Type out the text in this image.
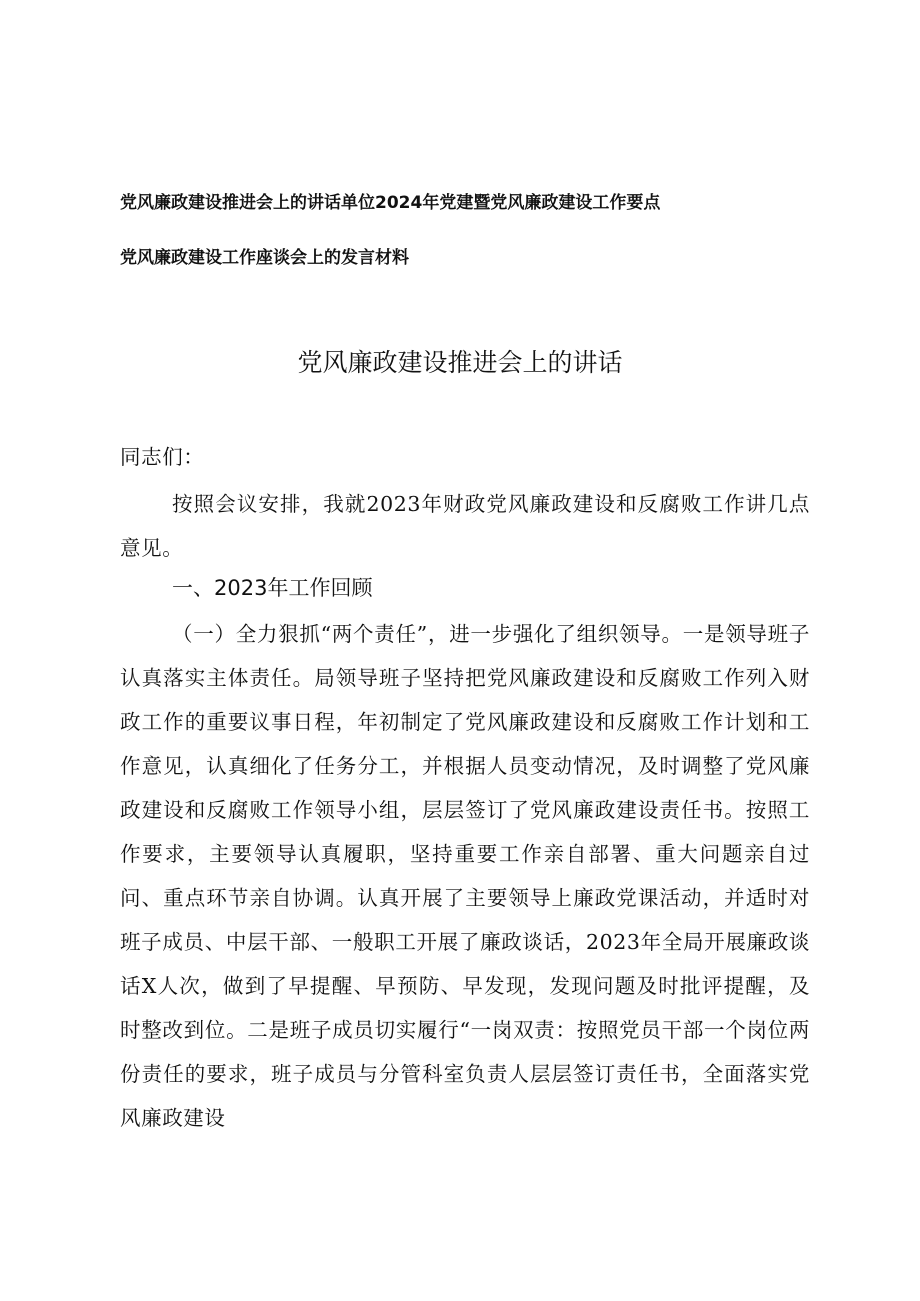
党风廉政建设推进会上的讲话单位2024年党建暨党风廉政建设工作要点
党风廉政建设工作座谈会上的发言材料
党风廉政建设推进会上的讲话
同志们：
按照会议安排，我就2023年财政党风廉政建设和反腐败工作讲几点意见。
一、2023年工作回顾
（一）全力狠抓“两个责任”，进一步强化了组织领导。一是领导班子认真落实主体责任。局领导班子坚持把党风廉政建设和反腐败工作列入财政工作的重要议事日程，年初制定了党风廉政建设和反腐败工作计划和工作意见，认真细化了任务分工，并根据人员变动情况，及时调整了党风廉政建设和反腐败工作领导小组，层层签订了党风廉政建设责任书。按照工作要求，主要领导认真履职，坚持重要工作亲自部署、重大问题亲自过问、重点环节亲自协调。认真开展了主要领导上廉政党课活动，并适时对班子成员、中层干部、一般职工开展了廉政谈话，2023年全局开展廉政谈话X人次，做到了早提醒、早预防、早发现，发现问题及时批评提醒，及时整改到位。二是班子成员切实履行“一岗双责：按照党员干部一个岗位两份责任的要求，班子成员与分管科室负责人层层签订责任书，全面落实党风廉政建设
